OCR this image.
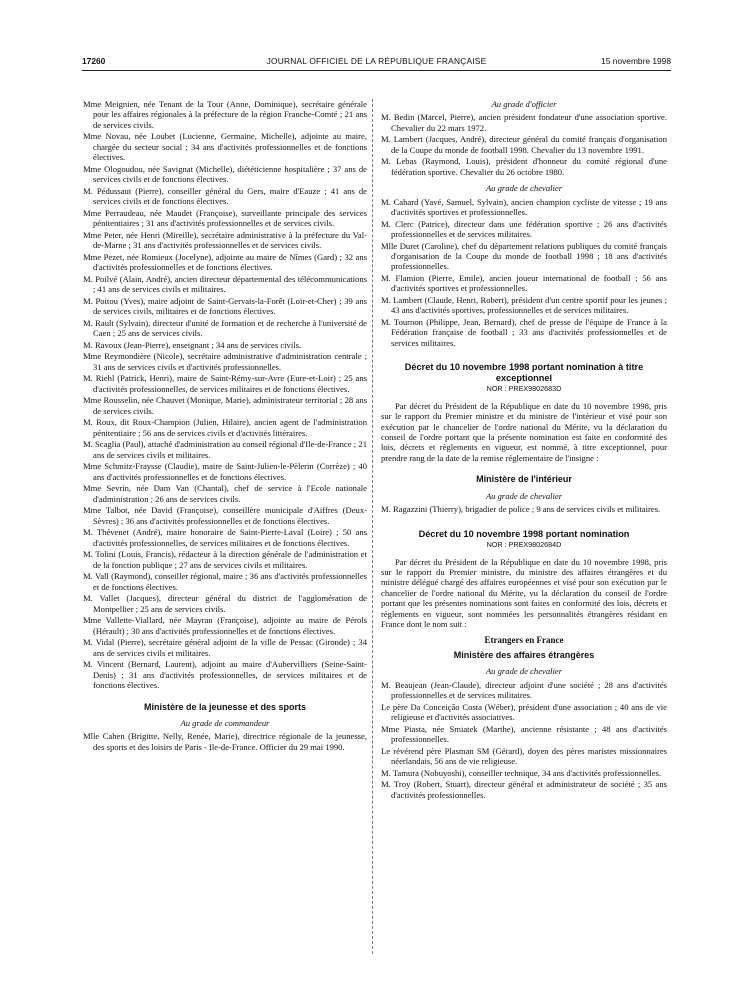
17260	JOURNAL OFFICIEL DE LA RÉPUBLIQUE FRANÇAISE	15 novembre 1998
Mme Meignien, née Tenant de la Tour (Anne, Dominique), secrétaire générale pour les affaires régionales à la préfecture de la région Franche-Comté ; 21 ans de services civils.
Mme Novau, née Loubet (Lucienne, Germaine, Michelle), adjointe au maire, chargée du secteur social ; 34 ans d'activités professionnelles et de fonctions électives.
Mme Ologoudou, née Savignat (Michelle), diététicienne hospitalière ; 37 ans de services civils et de fonctions électives.
M. Pédussaut (Pierre), conseiller général du Gers, maire d'Eauze ; 41 ans de services civils et de fonctions électives.
Mme Perraudeau, née Maudet (Françoise), surveillante principale des services pénitentiaires ; 31 ans d'activités professionnelles et de services civils.
Mme Peter, née Henri (Mireille), secrétaire administrative à la préfecture du Val-de-Marne ; 31 ans d'activités professionnelles et de services civils.
Mme Pezet, née Romieux (Jocelyne), adjointe au maire de Nîmes (Gard) ; 32 ans d'activités professionnelles et de fonctions électives.
M. Poilvé (Alain, André), ancien directeur départemental des télécommunications ; 41 ans de services civils et militaires.
M. Poitou (Yves), maire adjoint de Saint-Gervais-la-Forêt (Loir-et-Cher) ; 39 ans de services civils, militaires et de fonctions électives.
M. Rault (Sylvain), directeur d'unité de formation et de recherche à l'université de Caen ; 25 ans de services civils.
M. Ravoux (Jean-Pierre), enseignant ; 34 ans de services civils.
Mme Reymondière (Nicole), secrétaire administrative d'administration centrale ; 31 ans de services civils et d'activités professionnelles.
M. Riehl (Patrick, Henri), maire de Saint-Rémy-sur-Avre (Eure-et-Loir) ; 25 ans d'activités professionnelles, de services militaires et de fonctions électives.
Mme Rousselin, née Chauvet (Monique, Marie), administrateur territorial ; 28 ans de services civils.
M. Roux, dit Roux-Champion (Julien, Hilaire), ancien agent de l'administration pénitentiaire ; 56 ans de services civils et d'activités littéraires.
M. Scaglia (Paul), attaché d'administration au conseil régional d'Ile-de-France ; 21 ans de services civils et militaires.
Mme Schmitz-Fraysse (Claudie), maire de Saint-Julien-le-Pèlerin (Corrèze) ; 40 ans d'activités professionnelles et de fonctions électives.
Mme Sevrin, née Dam Van (Chantal), chef de service à l'Ecole nationale d'administration ; 26 ans de services civils.
Mme Talbot, née David (Françoise), conseillère municipale d'Aiffres (Deux-Sèvres) ; 36 ans d'activités professionnelles et de fonctions électives.
M. Thévenet (André), maire honoraire de Saint-Pierre-Laval (Loire) ; 50 ans d'activités professionnelles, de services militaires et de fonctions électives.
M. Tolini (Louis, Francis), rédacteur à la direction générale de l'administration et de la fonction publique ; 27 ans de services civils et militaires.
M. Vall (Raymond), conseiller régional, maire ; 36 ans d'activités professionnelles et de fonctions électives.
M. Vallet (Jacques), directeur général du district de l'agglomération de Montpellier ; 25 ans de services civils.
Mme Vallette-Viallard, née Mayran (Françoise), adjointe au maire de Pérols (Hérault) ; 30 ans d'activités professionnelles et de fonctions électives.
M. Vidal (Pierre), secrétaire général adjoint de la ville de Pessac (Gironde) ; 34 ans de services civils et militaires.
M. Vincent (Bernard, Laurent), adjoint au maire d'Aubervilliers (Seine-Saint-Denis) ; 31 ans d'activités professionnelles, de services militaires et de fonctions électives.
Ministère de la jeunesse et des sports
Au grade de commandeur
Mlle Cahen (Brigitte, Nelly, Renée, Marie), directrice régionale de la jeunesse, des sports et des loisirs de Paris - Ile-de-France. Officier du 29 mai 1990.
Au grade d'officier
M. Bedin (Marcel, Pierre), ancien président fondateur d'une association sportive. Chevalier du 22 mars 1972.
M. Lambert (Jacques, André), directeur général du comité français d'organisation de la Coupe du monde de football 1998. Chevalier du 13 novembre 1991.
M. Lebas (Raymond, Louis), président d'honneur du comité régional d'une fédération sportive. Chevalier du 26 octobre 1980.
Au grade de chevalier
M. Cahard (Yavé, Samuel, Sylvain), ancien champion cycliste de vitesse ; 19 ans d'activités sportives et professionnelles.
M. Clerc (Patrice), directeur dans une fédération sportive ; 26 ans d'activités professionnelles et de services militaires.
Mlle Duret (Caroline), chef du département relations publiques du comité français d'organisation de la Coupe du monde de football 1998 ; 18 ans d'activités professionnelles.
M. Flamion (Pierre, Emile), ancien joueur international de football ; 56 ans d'activités sportives et professionnelles.
M. Lambert (Claude, Henri, Robert), président d'un centre sportif pour les jeunes ; 43 ans d'activités sportives, professionnelles et de services militaires.
M. Tournon (Philippe, Jean, Bernard), chef de presse de l'équipe de France à la Fédération française de football ; 33 ans d'activités professionnelles et de services militaires.
Décret du 10 novembre 1998 portant nomination à titre exceptionnel
NOR : PREX9802683D
Par décret du Président de la République en date du 10 novembre 1998, pris sur le rapport du Premier ministre et du ministre de l'intérieur et visé pour son exécution par le chancelier de l'ordre national du Mérite, vu la déclaration du conseil de l'ordre portant que la présente nomination est faite en conformité des lois, décrets et règlements en vigueur, est nommé, à titre exceptionnel, pour prendre rang de la date de la remise réglementaire de l'insigne :
Ministère de l'intérieur
Au grade de chevalier
M. Ragazzini (Thierry), brigadier de police ; 9 ans de services civils et militaires.
Décret du 10 novembre 1998 portant nomination
NOR : PREX9802684D
Par décret du Président de la République en date du 10 novembre 1998, pris sur le rapport du Premier ministre, du ministre des affaires étrangères et du ministre délégué chargé des affaires européennes et visé pour son exécution par le chancelier de l'ordre national du Mérite, vu la déclaration du conseil de l'ordre portant que les présentes nominations sont faites en conformité des lois, décrets et règlements en vigueur, sont nommées les personnalités étrangères résidant en France dont le nom suit :
Etrangers en France
Ministère des affaires étrangères
Au grade de chevalier
M. Beaujean (Jean-Claude), directeur adjoint d'une société ; 28 ans d'activités professionnelles et de services militaires.
Le père Da Conceição Costa (Wéber), président d'une association ; 40 ans de vie religieuse et d'activités associatives.
Mme Piasta, née Smiatek (Marthe), ancienne résistante ; 48 ans d'activités professionnelles.
Le révérend père Plasman SM (Gérard), doyen des pères maristes missionnaires néerlandais, 56 ans de vie religieuse.
M. Tamura (Nobuyoshi), conseiller technique, 34 ans d'activités professionnelles.
M. Troy (Robert, Stuart), directeur général et administrateur de société ; 35 ans d'activités professionnelles.
